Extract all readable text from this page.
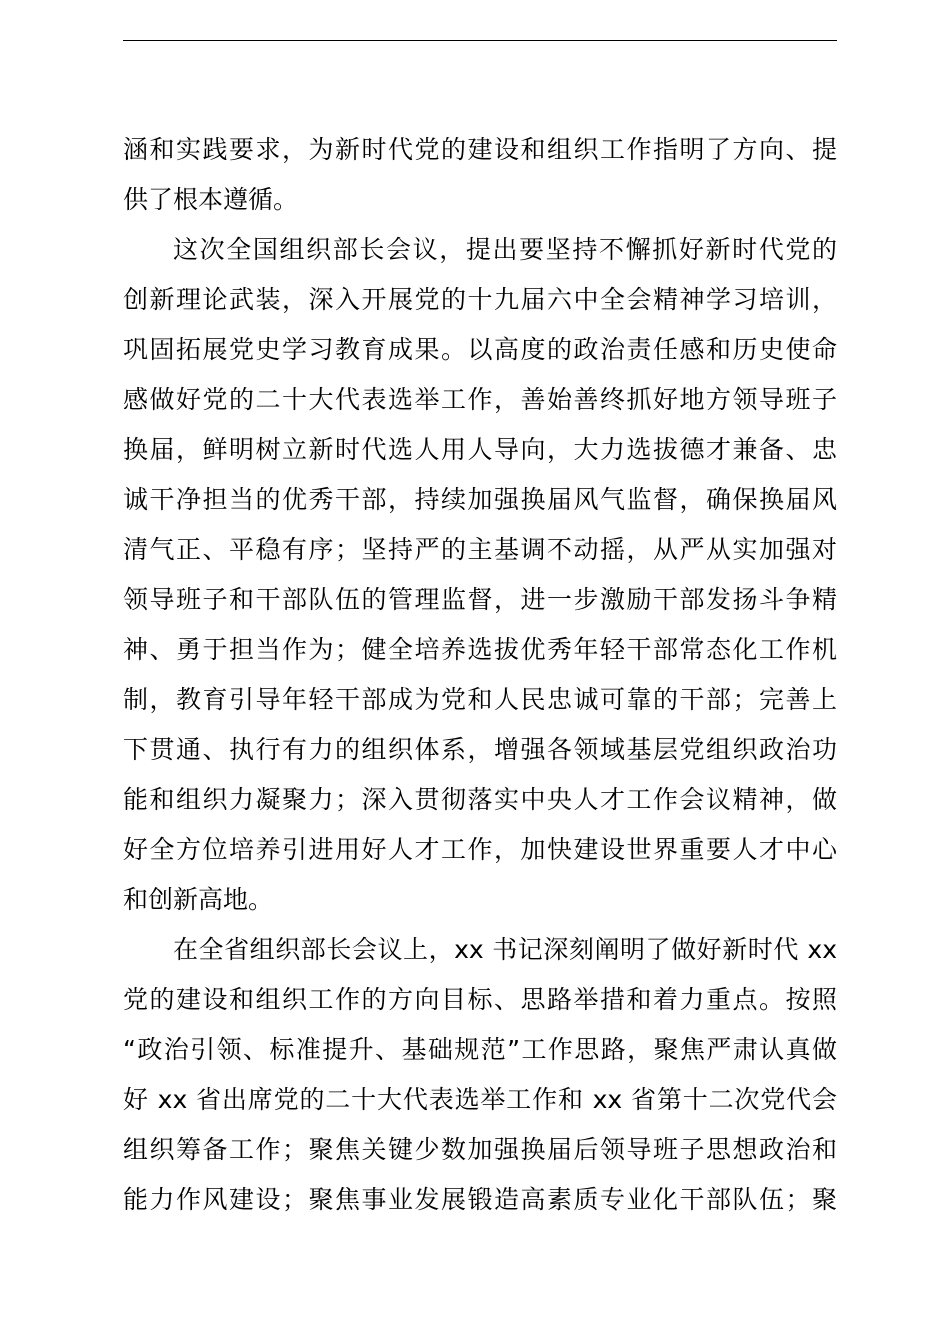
涵和实践要求，为新时代党的建设和组织工作指明了方向、提
供了根本遵循。
这次全国组织部长会议，提出要坚持不懈抓好新时代党的
创新理论武装，深入开展党的十九届六中全会精神学习培训，
巩固拓展党史学习教育成果。以高度的政治责任感和历史使命
感做好党的二十大代表选举工作，善始善终抓好地方领导班子
换届，鲜明树立新时代选人用人导向，大力选拔德才兼备、忠
诚干净担当的优秀干部，持续加强换届风气监督，确保换届风
清气正、平稳有序；坚持严的主基调不动摇，从严从实加强对
领导班子和干部队伍的管理监督，进一步激励干部发扬斗争精
神、勇于担当作为；健全培养选拔优秀年轻干部常态化工作机
制，教育引导年轻干部成为党和人民忠诚可靠的干部；完善上
下贯通、执行有力的组织体系，增强各领域基层党组织政治功
能和组织力凝聚力；深入贯彻落实中央人才工作会议精神，做
好全方位培养引进用好人才工作，加快建设世界重要人才中心
和创新高地。
在全省组织部长会议上，xx 书记深刻阐明了做好新时代 xx
党的建设和组织工作的方向目标、思路举措和着力重点。按照
“政治引领、标准提升、基础规范”工作思路，聚焦严肃认真做
好 xx 省出席党的二十大代表选举工作和 xx 省第十二次党代会
组织筹备工作；聚焦关键少数加强换届后领导班子思想政治和
能力作风建设；聚焦事业发展锻造高素质专业化干部队伍；聚
